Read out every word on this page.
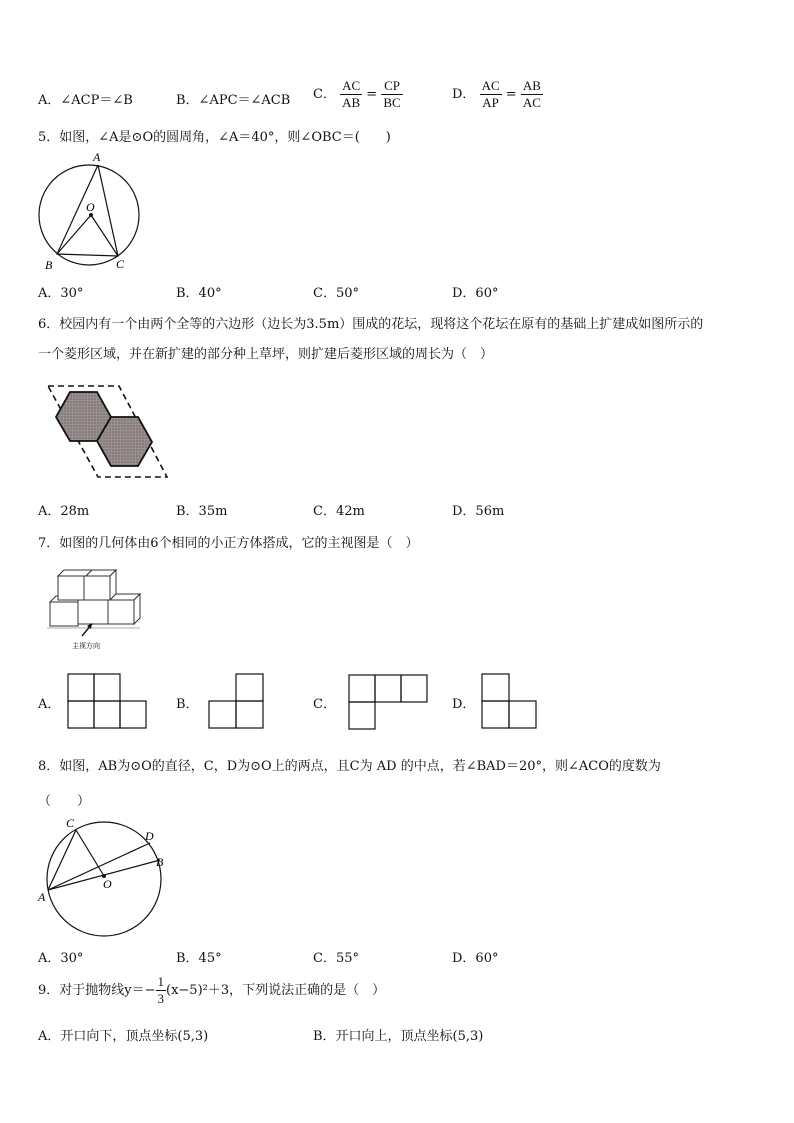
A．∠ACP＝∠B	B．∠APC＝∠ACB C． $\frac{AC}{AB} = \frac{CP}{BC}$	D． $\frac{AC}{AP} = \frac{AB}{AC}$
5．如图，∠A是⊙O的圆周角，∠A＝40°，则∠OBC＝(　　)
A
O
B	C
A．30°	B．40°	C．50°	D．60°
6．校园内有一个由两个全等的六边形（边长为3.5m）围成的花坛，现将这个花坛在原有的基础上扩建成如图所示的
一个菱形区域，并在新扩建的部分种上草坪，则扩建后菱形区域的周长为（　）
A．28m	B．35m	C．42m	D．56m
7．如图的几何体由6个相同的小正方体搭成，它的主视图是（　）
主视方向
A．	B．	C．	D．
8．如图，AB为⊙O的直径，C，D为⊙O上的两点，且C为 AD 的中点，若∠BAD＝20°，则∠ACO的度数为
（　　）
C
D
B
O
A
A．30°	B．45°	C．55°	D．60°
9．对于抛物线$y=- \frac{1}{3} (x-5)^2+3$，下列说法正确的是（　）
A．开口向下，顶点坐标(5,3)	B．开口向上，顶点坐标(5,3)
